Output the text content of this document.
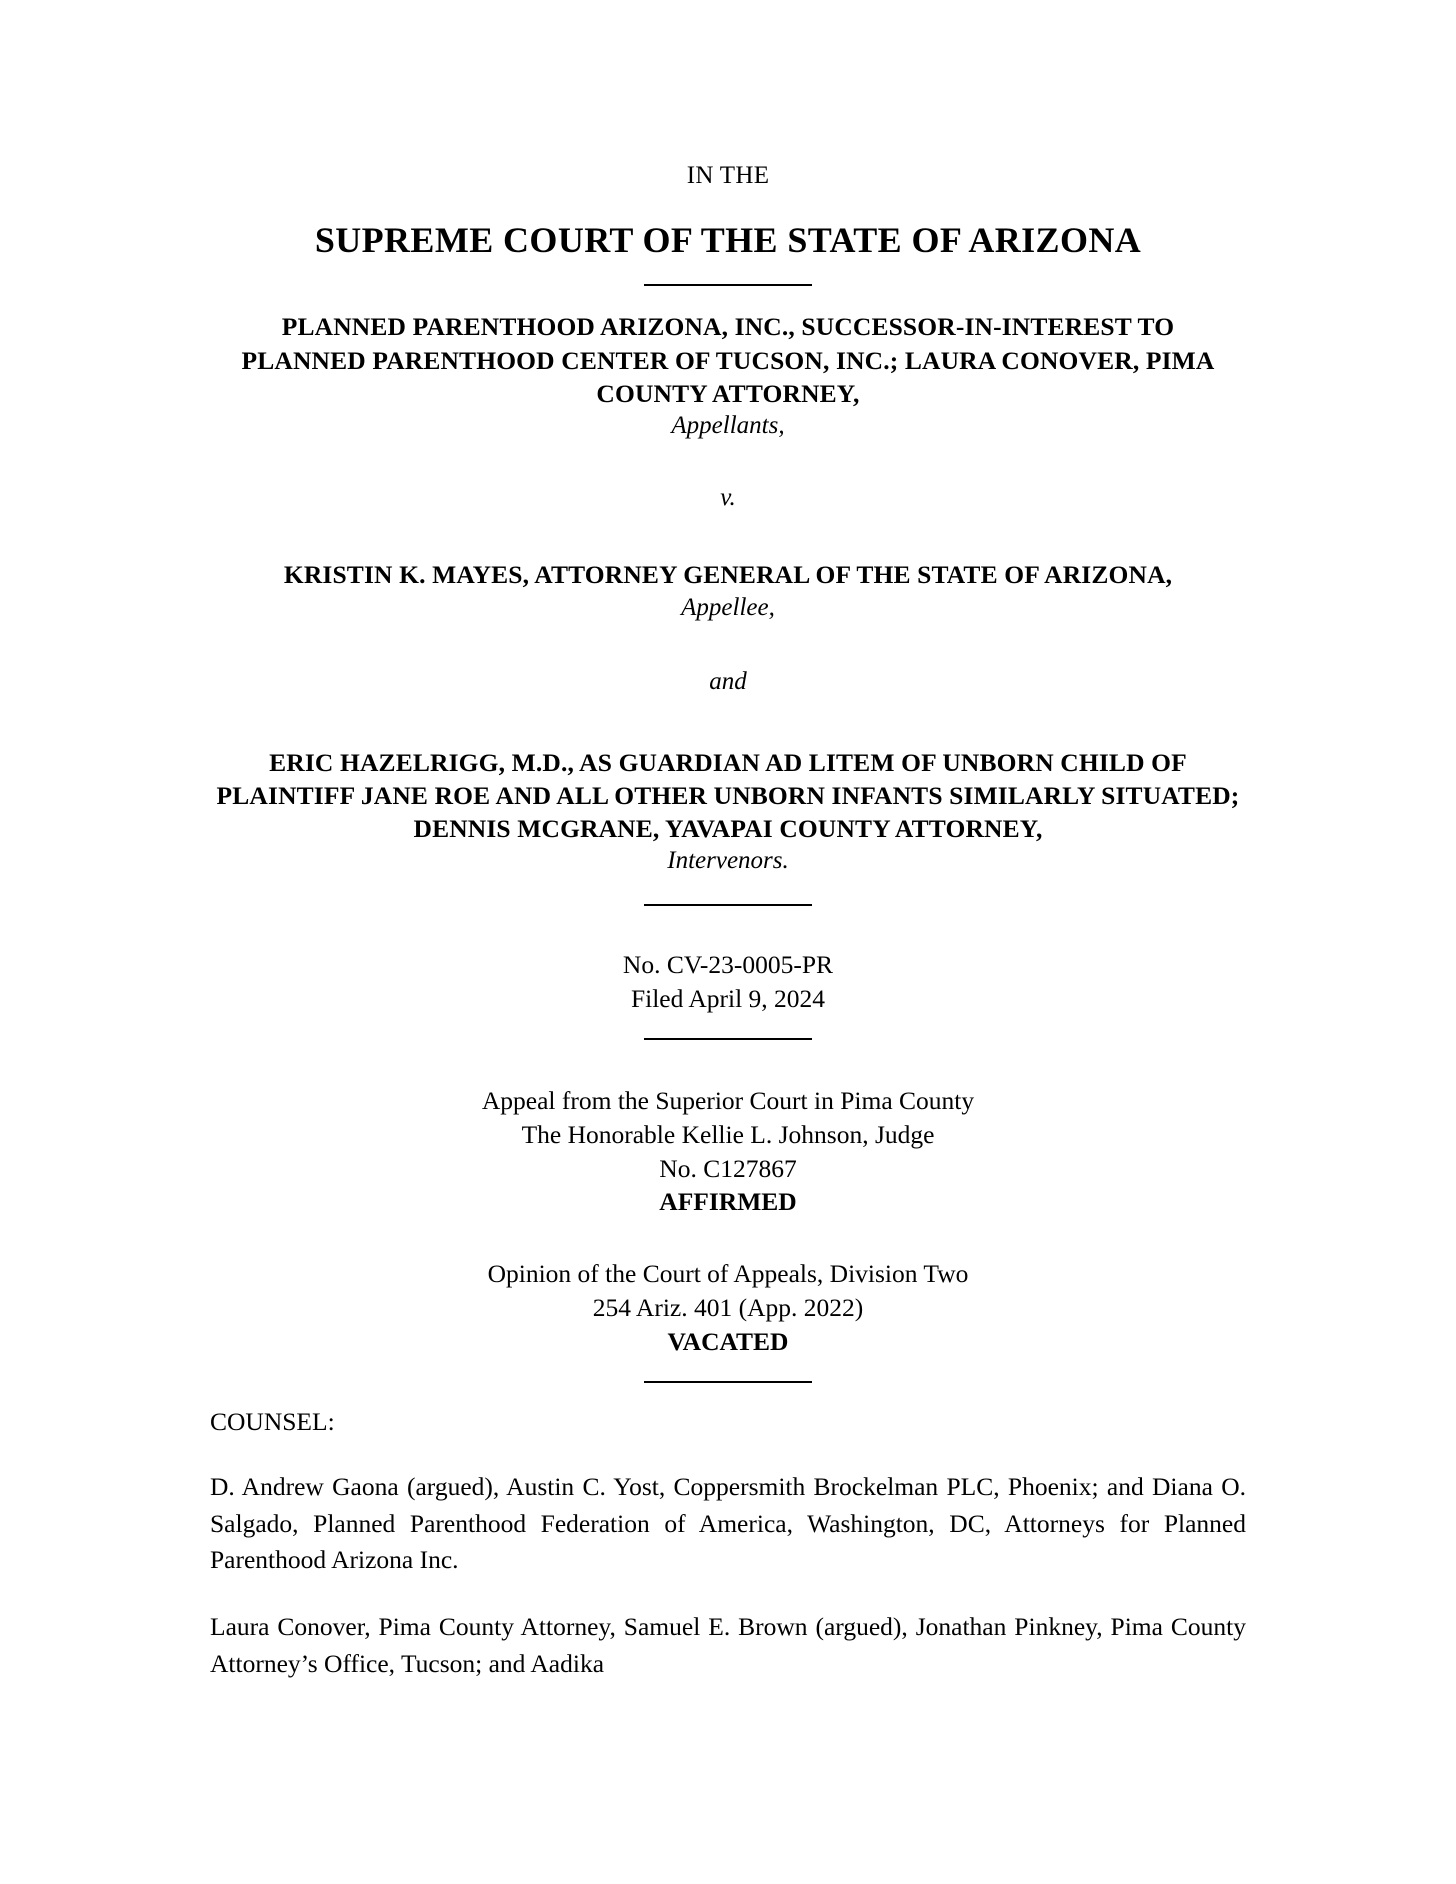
IN THE
SUPREME COURT OF THE STATE OF ARIZONA
PLANNED PARENTHOOD ARIZONA, INC., SUCCESSOR-IN-INTEREST TO
PLANNED PARENTHOOD CENTER OF TUCSON, INC.; LAURA CONOVER, PIMA
COUNTY ATTORNEY,
Appellants,
v.
KRISTIN K. MAYES, ATTORNEY GENERAL OF THE STATE OF ARIZONA,
Appellee,
and
ERIC HAZELRIGG, M.D., AS GUARDIAN AD LITEM OF UNBORN CHILD OF
PLAINTIFF JANE ROE AND ALL OTHER UNBORN INFANTS SIMILARLY SITUATED;
DENNIS MCGRANE, YAVAPAI COUNTY ATTORNEY,
Intervenors.
No. CV-23-0005-PR
Filed April 9, 2024
Appeal from the Superior Court in Pima County
The Honorable Kellie L. Johnson, Judge
No. C127867
AFFIRMED
Opinion of the Court of Appeals, Division Two
254 Ariz. 401 (App. 2022)
VACATED
COUNSEL:
D. Andrew Gaona (argued), Austin C. Yost, Coppersmith Brockelman PLC, Phoenix; and Diana O. Salgado, Planned Parenthood Federation of America, Washington, DC, Attorneys for Planned Parenthood Arizona Inc.
Laura Conover, Pima County Attorney, Samuel E. Brown (argued), Jonathan Pinkney, Pima County Attorney’s Office, Tucson; and Aadika
